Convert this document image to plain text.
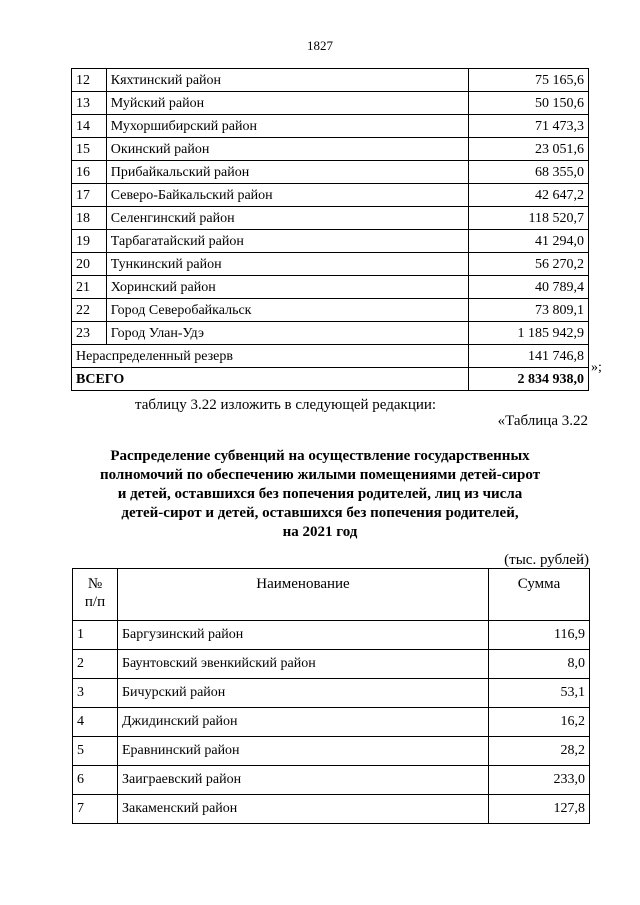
1827
12	Кяхтинский район	75 165,6
13	Муйский район	50 150,6
14	Мухоршибирский район	71 473,3
15	Окинский район	23 051,6
16	Прибайкальский район	68 355,0
17	Северо-Байкальский район	42 647,2
18	Селенгинский район	118 520,7
19	Тарбагатайский район	41 294,0
20	Тункинский район	56 270,2
21	Хоринский район	40 789,4
22	Город Северобайкальск	73 809,1
23	Город Улан-Удэ	1 185 942,9
Нераспределенный резерв		141 746,8
ВСЕГО		2 834 938,0
»;
таблицу 3.22 изложить в следующей редакции:
«Таблица 3.22
Распределение субвенций на осуществление государственных
полномочий по обеспечению жилыми помещениями детей-сирот
и детей, оставшихся без попечения родителей, лиц из числа
детей-сирот и детей, оставшихся без попечения родителей,
на 2021 год
(тыс. рублей)
№
п/п	Наименование	Сумма
1	Баргузинский район	116,9
2	Баунтовский эвенкийский район	8,0
3	Бичурский район	53,1
4	Джидинский район	16,2
5	Еравнинский район	28,2
6	Заиграевский район	233,0
7	Закаменский район	127,8
